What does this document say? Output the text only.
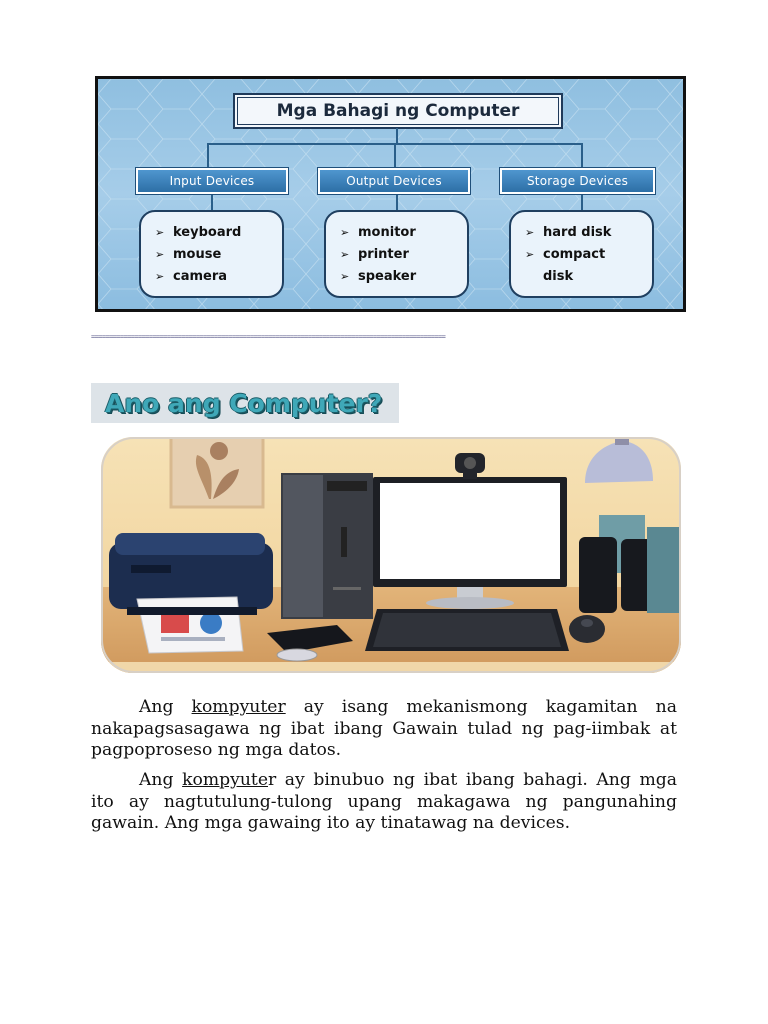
Mga Bahagi ng Computer
Input Devices	Output Devices	Storage Devices
➢ keyboard
➢ mouse
➢ camera
➢ monitor
➢ printer
➢ speaker
➢ hard disk
➢ compact
disk
==================================================================================================
Ano ang Computer?
Ang kompyuter ay isang mekanismong kagamitan na nakapagsasagawa ng ibat ibang Gawain tulad ng pag-iimbak at pagpoproseso ng mga datos.
Ang kompyuter ay binubuo ng ibat ibang bahagi. Ang mga ito ay nagtutulung-tulong upang makagawa ng pangunahing gawain. Ang mga gawaing ito ay tinatawag na devices.
